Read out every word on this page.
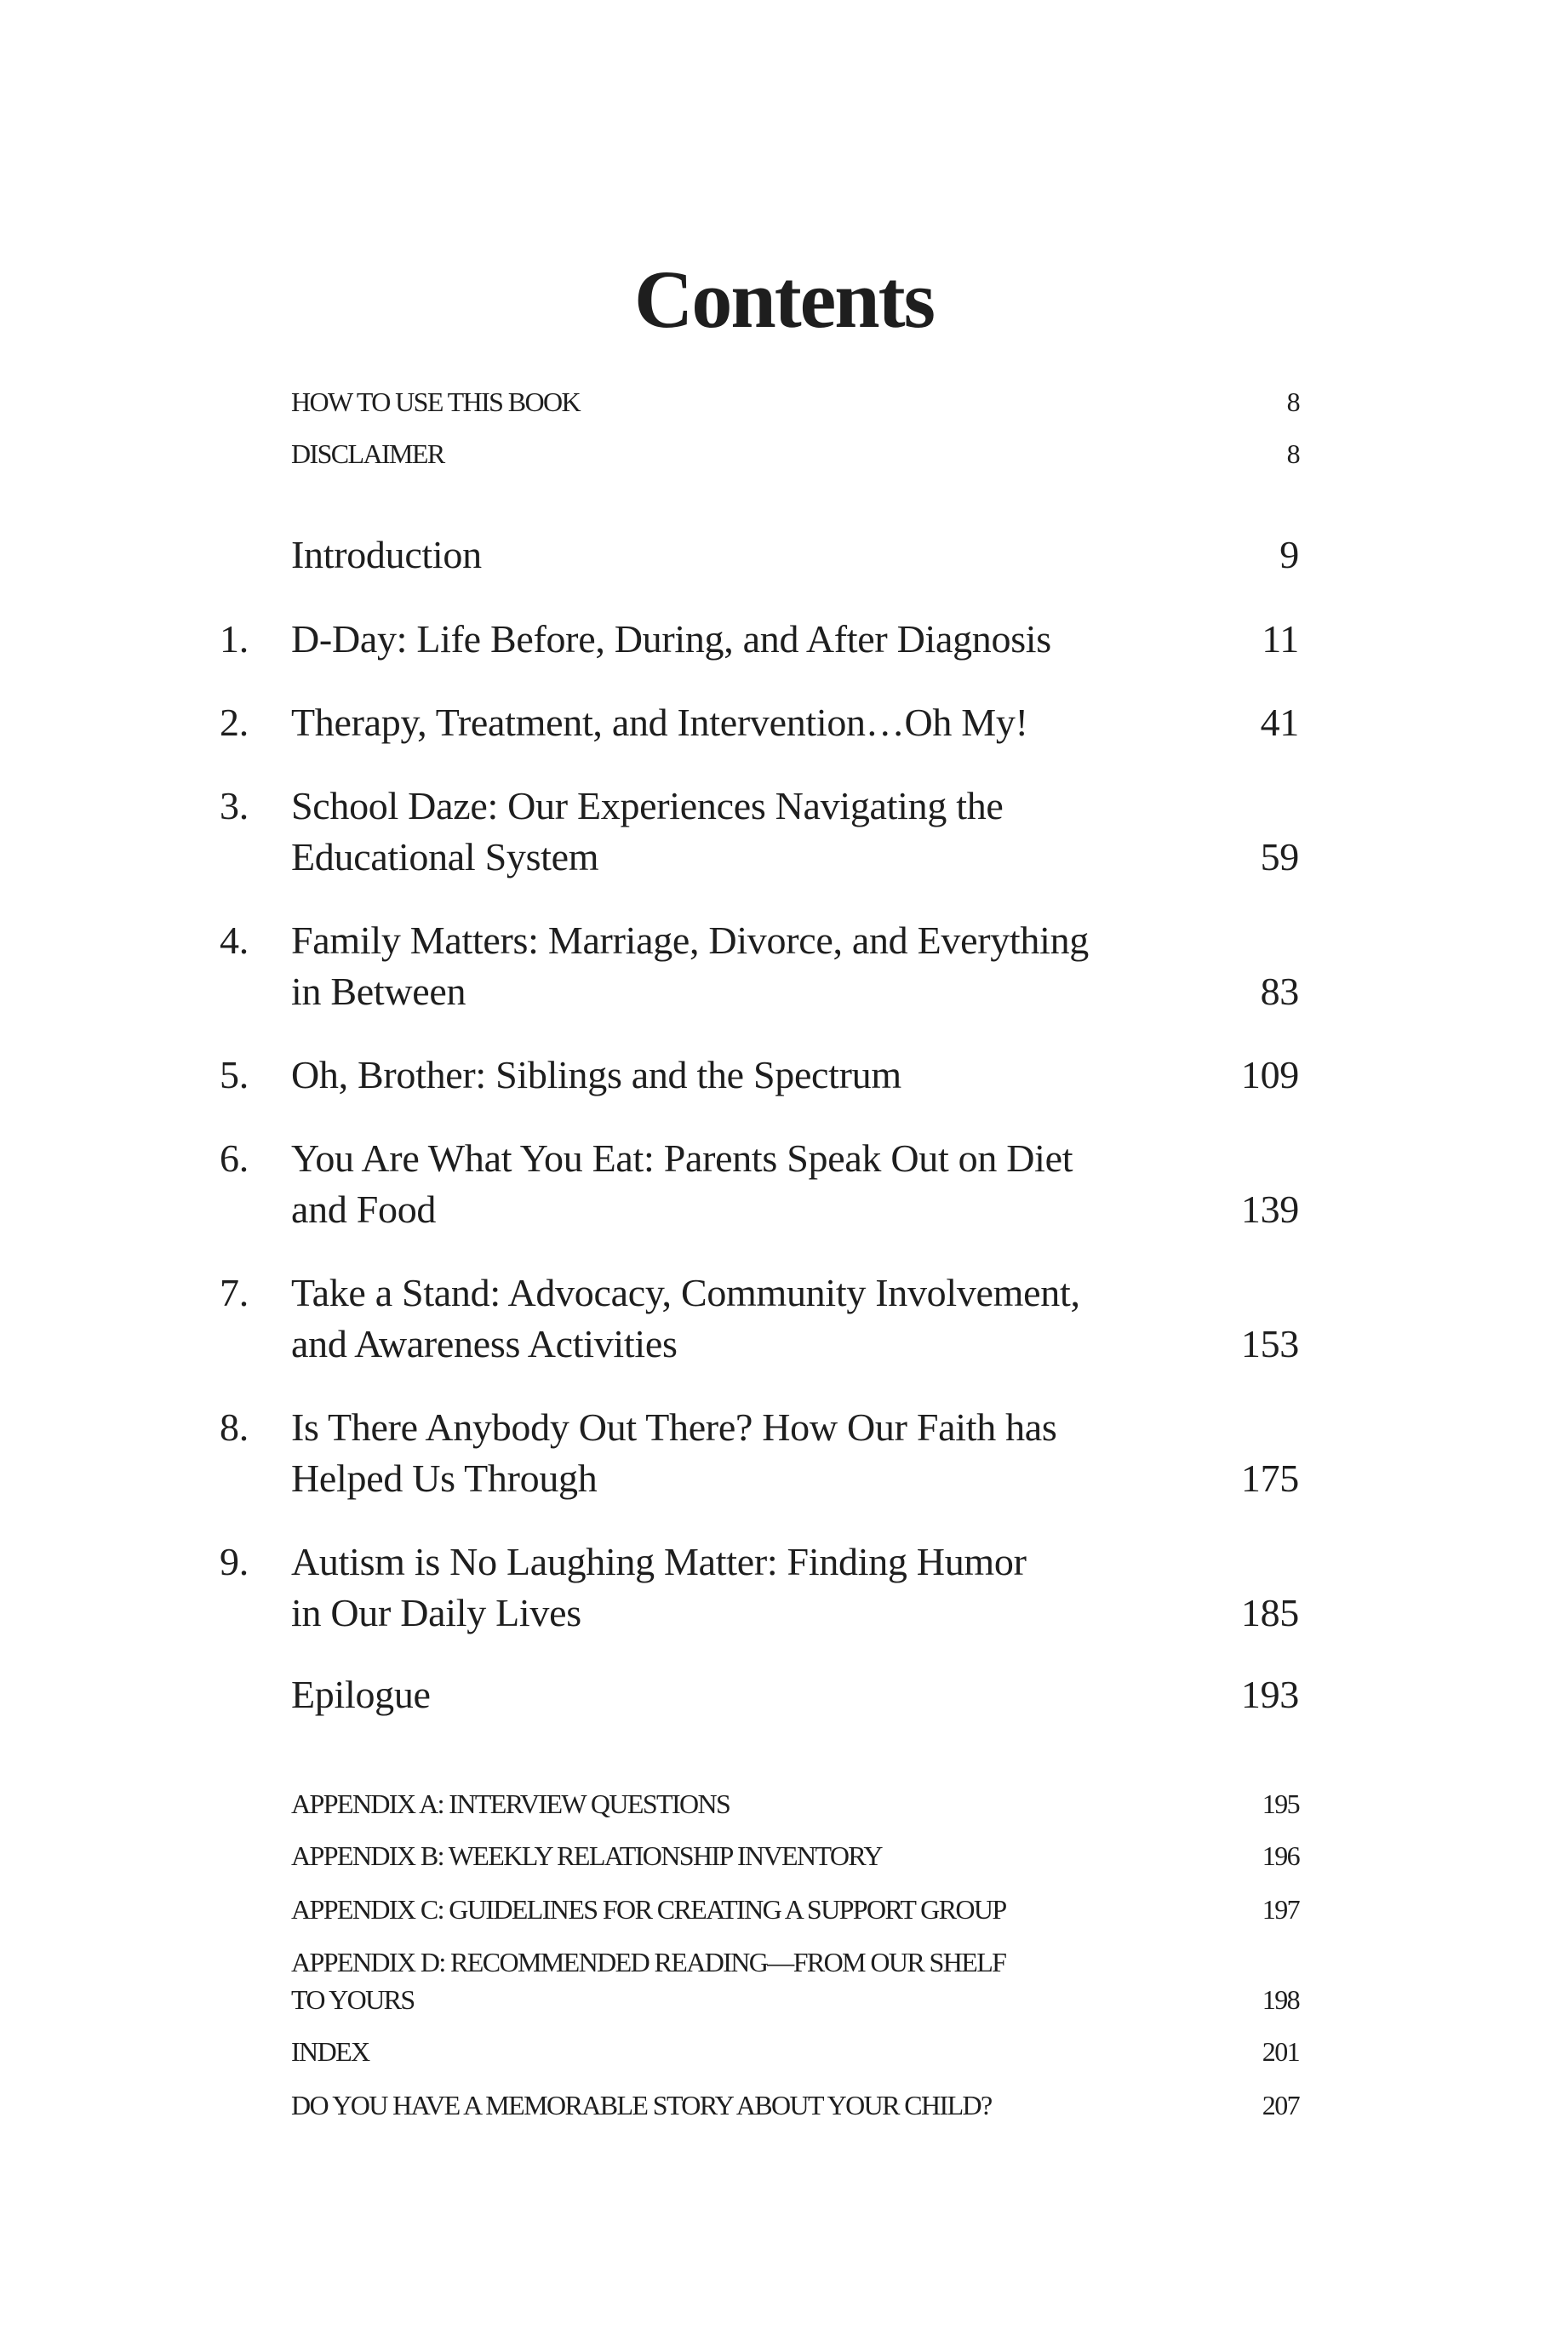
Contents
HOW TO USE THIS BOOK	8
DISCLAIMER	8
Introduction	9
1. D-Day: Life Before, During, and After Diagnosis	11
2. Therapy, Treatment, and Intervention…Oh My!	41
3. School Daze: Our Experiences Navigating the
Educational System	59
4. Family Matters: Marriage, Divorce, and Everything
in Between	83
5. Oh, Brother: Siblings and the Spectrum	109
6. You Are What You Eat: Parents Speak Out on Diet
and Food	139
7. Take a Stand: Advocacy, Community Involvement,
and Awareness Activities	153
8. Is There Anybody Out There? How Our Faith has
Helped Us Through	175
9. Autism is No Laughing Matter: Finding Humor
in Our Daily Lives	185
Epilogue	193
APPENDIX A: INTERVIEW QUESTIONS	195
APPENDIX B: WEEKLY RELATIONSHIP INVENTORY	196
APPENDIX C: GUIDELINES FOR CREATING A SUPPORT GROUP	197
APPENDIX D: RECOMMENDED READING—FROM OUR SHELF
TO YOURS	198
INDEX	201
DO YOU HAVE A MEMORABLE STORY ABOUT YOUR CHILD?	207
